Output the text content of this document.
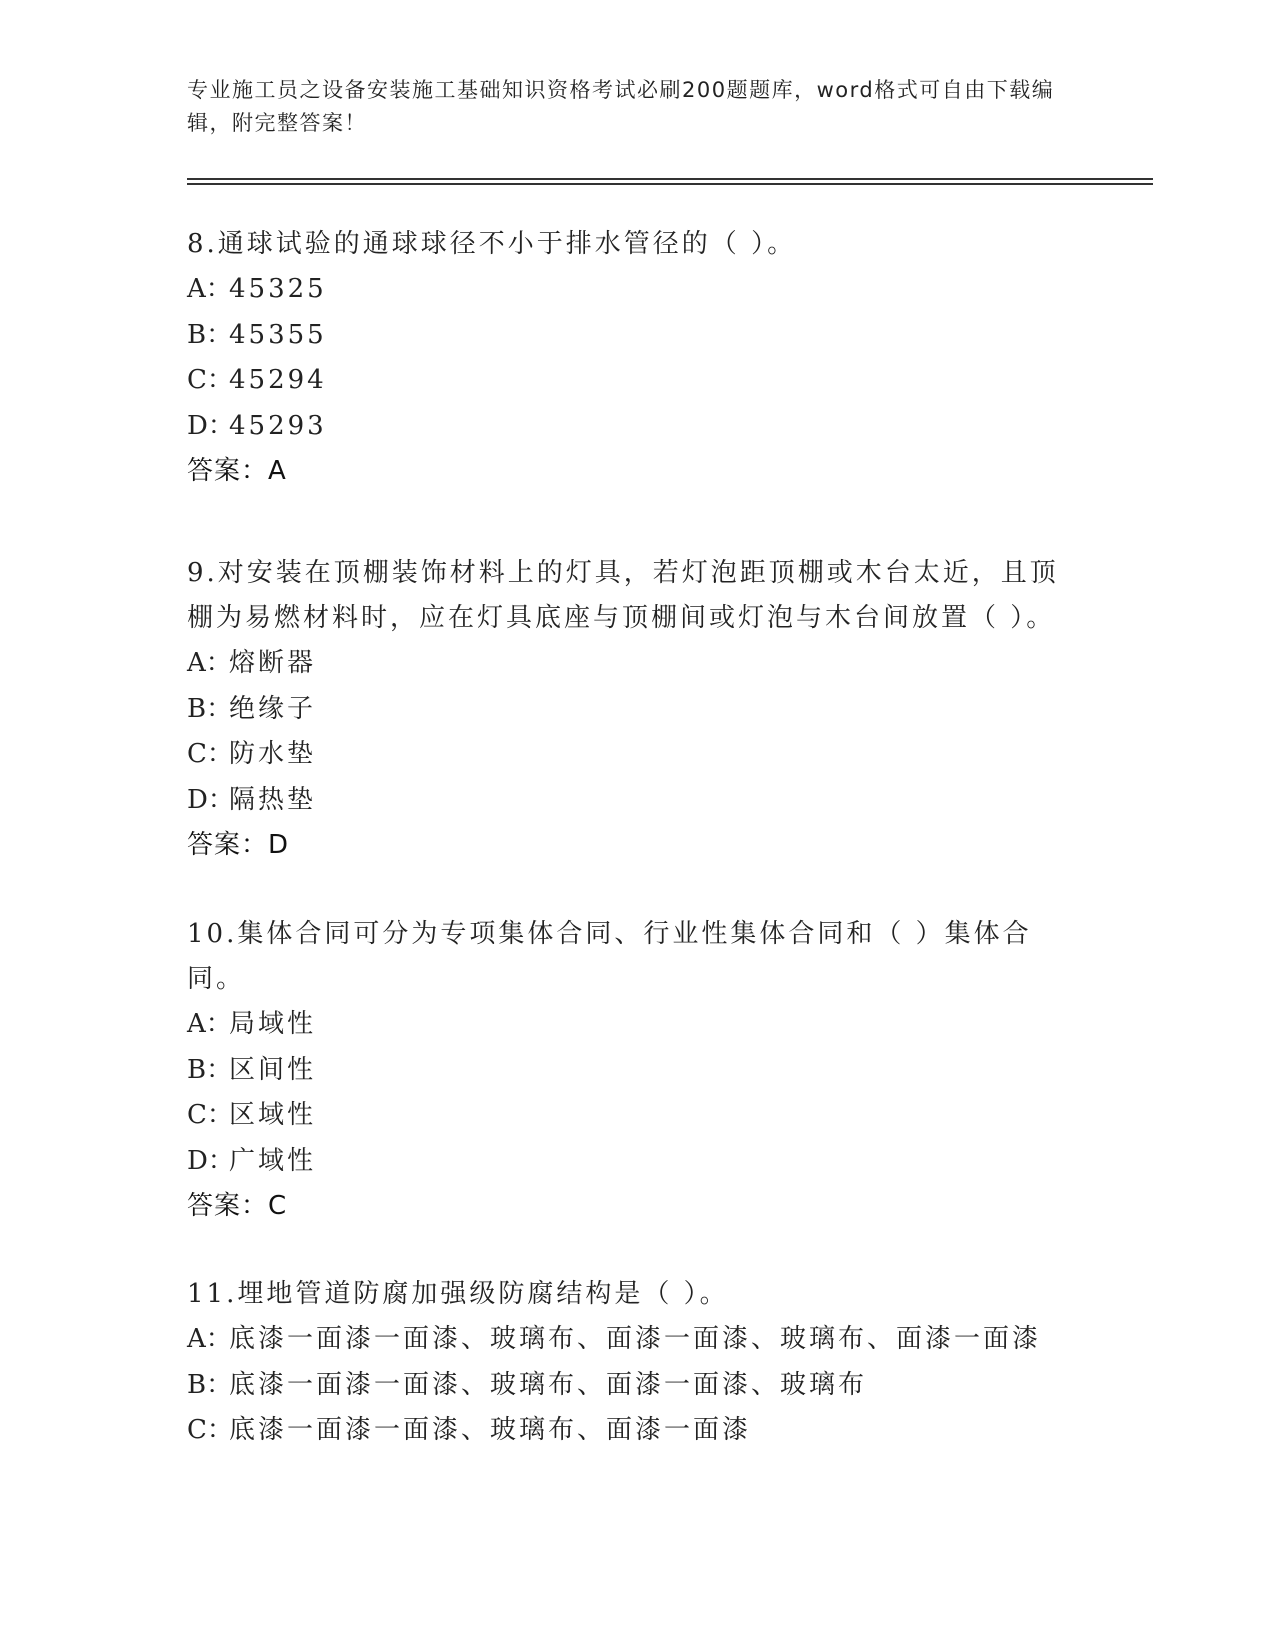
专业施工员之设备安装施工基础知识资格考试必刷200题题库，word格式可自由下载编辑，附完整答案！

8.通球试验的通球球径不小于排水管径的（ ）。

A：45325

B：45355

C：45294

D：45293

答案：A

9.对安装在顶棚装饰材料上的灯具，若灯泡距顶棚或木台太近，且顶棚为易燃材料时，应在灯具底座与顶棚间或灯泡与木台间放置（ ）。

A：熔断器

B：绝缘子

C：防水垫

D：隔热垫

答案：D

10.集体合同可分为专项集体合同、行业性集体合同和（ ）集体合同。

A：局域性

B：区间性

C：区域性

D：广域性

答案：C

11.埋地管道防腐加强级防腐结构是（ ）。

A：底漆一面漆一面漆、玻璃布、面漆一面漆、玻璃布、面漆一面漆

B：底漆一面漆一面漆、玻璃布、面漆一面漆、玻璃布

C：底漆一面漆一面漆、玻璃布、面漆一面漆
